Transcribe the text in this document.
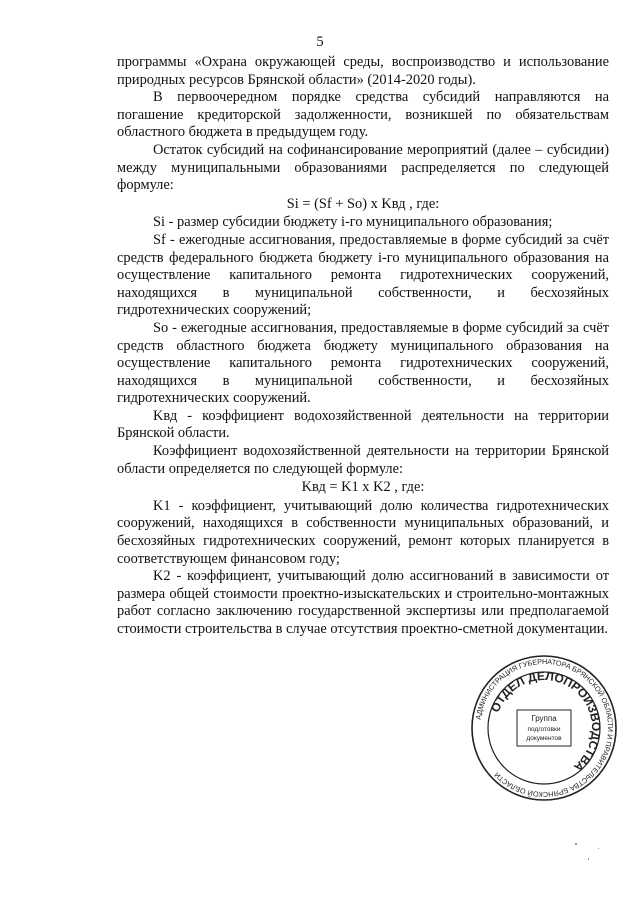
5

программы «Охрана окружающей среды, воспроизводство и использование природных ресурсов Брянской области» (2014-2020 годы).

В первоочередном порядке средства субсидий направляются на погашение кредиторской задолженности, возникшей по обязательствам областного бюджета в предыдущем году.

Остаток субсидий на софинансирование мероприятий (далее – субсидии) между муниципальными образованиями распределяется по следующей формуле:

Si = (Sf + So) x Kвд , где:

Si - размер субсидии бюджету i-го муниципального образования;

Sf - ежегодные ассигнования, предоставляемые в форме субсидий за счёт средств федерального бюджета бюджету i-го муниципального образования на осуществление капитального ремонта гидротехнических сооружений, находящихся в муниципальной собственности, и бесхозяйных гидротехнических сооружений;

So - ежегодные ассигнования, предоставляемые в форме субсидий за счёт средств областного бюджета бюджету муниципального образования на осуществление капитального ремонта гидротехнических сооружений, находящихся в муниципальной собственности, и бесхозяйных гидротехнических сооружений.

Kвд - коэффициент водохозяйственной деятельности на территории Брянской области.

Коэффициент водохозяйственной деятельности на территории Брянской области определяется по следующей формуле:

Kвд = K1 x K2 , где:

K1 - коэффициент, учитывающий долю количества гидротехнических сооружений, находящихся в собственности муниципальных образований, и бесхозяйных гидротехнических сооружений, ремонт которых планируется в соответствующем финансовом году;

K2 - коэффициент, учитывающий долю ассигнований в зависимости от размера общей стоимости проектно-изыскательских и строительно-монтажных работ согласно заключению государственной экспертизы или предполагаемой стоимости строительства в случае отсутствия проектно-сметной документации.

АДМИНИСТРАЦИЯ ГУБЕРНАТОРА БРЯНСКОЙ ОБЛАСТИ И ПРАВИТЕЛЬСТВА БРЯНСКОЙ ОБЛАСТИ
ОТДЕЛ ДЕЛОПРОИЗВОДСТВА
Группа
подготовки
документов
